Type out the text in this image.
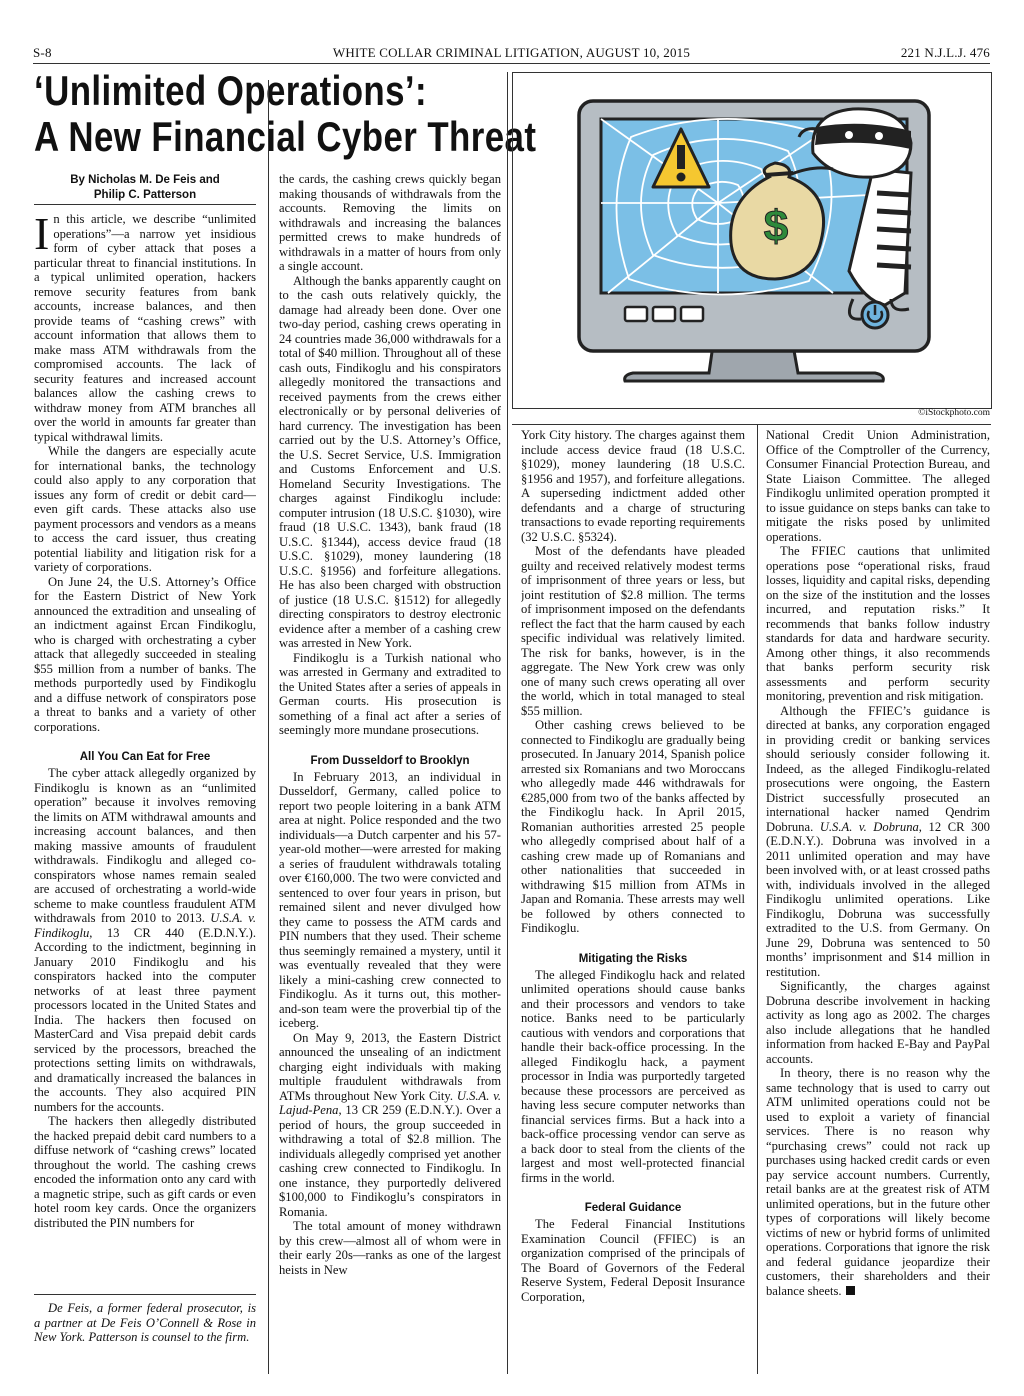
S-8	WHITE COLLAR CRIMINAL LITIGATION, AUGUST 10, 2015	221 N.J.L.J. 476
‘Unlimited Operations’:
A New Financial Cyber Threat
By Nicholas M. De Feis and
Philip C. Patterson

In this article, we describe “unlimited operations”—a narrow yet insidious form of cyber attack that poses a particular threat to financial institutions. In a typical unlimited operation, hackers remove security features from bank accounts, increase balances, and then provide teams of “cashing crews” with account information that allows them to make mass ATM withdrawals from the compromised accounts. The lack of security features and increased account balances allow the cashing crews to withdraw money from ATM branches all over the world in amounts far greater than typical withdrawal limits.

While the dangers are especially acute for international banks, the technology could also apply to any corporation that issues any form of credit or debit card—even gift cards. These attacks also use payment processors and vendors as a means to access the card issuer, thus creating potential liability and litigation risk for a variety of corporations.

On June 24, the U.S. Attorney’s Office for the Eastern District of New York announced the extradition and unsealing of an indictment against Ercan Findikoglu, who is charged with orchestrating a cyber attack that allegedly succeeded in stealing $55 million from a number of banks. The methods purportedly used by Findikoglu and a diffuse network of conspirators pose a threat to banks and a variety of other corporations.

All You Can Eat for Free

The cyber attack allegedly organized by Findikoglu is known as an “unlimited operation” because it involves removing the limits on ATM withdrawal amounts and increasing account balances, and then making massive amounts of fraudulent withdrawals. Findikoglu and alleged co-conspirators whose names remain sealed are accused of orchestrating a world-wide scheme to make countless fraudulent ATM withdrawals from 2010 to 2013. U.S.A. v. Findikoglu, 13 CR 440 (E.D.N.Y.). According to the indictment, beginning in January 2010 Findikoglu and his conspirators hacked into the computer networks of at least three payment processors located in the United States and India. The hackers then focused on MasterCard and Visa prepaid debit cards serviced by the processors, breached the protections setting limits on withdrawals, and dramatically increased the balances in the accounts. They also acquired PIN numbers for the accounts.

The hackers then allegedly distributed the hacked prepaid debit card numbers to a diffuse network of “cashing crews” located throughout the world. The cashing crews encoded the information onto any card with a magnetic stripe, such as gift cards or even hotel room key cards. Once the organizers distributed the PIN numbers for

De Feis, a former federal prosecutor, is a partner at De Feis O’Connell & Rose in New York. Patterson is counsel to the firm.

the cards, the cashing crews quickly began making thousands of withdrawals from the accounts. Removing the limits on withdrawals and increasing the balances permitted crews to make hundreds of withdrawals in a matter of hours from only a single account.

Although the banks apparently caught on to the cash outs relatively quickly, the damage had already been done. Over one two-day period, cashing crews operating in 24 countries made 36,000 withdrawals for a total of $40 million. Throughout all of these cash outs, Findikoglu and his conspirators allegedly monitored the transactions and received payments from the crews either electronically or by personal deliveries of hard currency. The investigation has been carried out by the U.S. Attorney’s Office, the U.S. Secret Service, U.S. Immigration and Customs Enforcement and U.S. Homeland Security Investigations. The charges against Findikoglu include: computer intrusion (18 U.S.C. §1030), wire fraud (18 U.S.C. 1343), bank fraud (18 U.S.C. §1344), access device fraud (18 U.S.C. §1029), money laundering (18 U.S.C. §1956) and forfeiture allegations. He has also been charged with obstruction of justice (18 U.S.C. §1512) for allegedly directing conspirators to destroy electronic evidence after a member of a cashing crew was arrested in New York.

Findikoglu is a Turkish national who was arrested in Germany and extradited to the United States after a series of appeals in German courts. His prosecution is something of a final act after a series of seemingly more mundane prosecutions.

From Dusseldorf to Brooklyn

In February 2013, an individual in Dusseldorf, Germany, called police to report two people loitering in a bank ATM area at night. Police responded and the two individuals—a Dutch carpenter and his 57-year-old mother—were arrested for making a series of fraudulent withdrawals totaling over €160,000. The two were convicted and sentenced to over four years in prison, but remained silent and never divulged how they came to possess the ATM cards and PIN numbers that they used. Their scheme thus seemingly remained a mystery, until it was eventually revealed that they were likely a mini-cashing crew connected to Findikoglu. As it turns out, this mother-and-son team were the proverbial tip of the iceberg.

On May 9, 2013, the Eastern District announced the unsealing of an indictment charging eight individuals with making multiple fraudulent withdrawals from ATMs throughout New York City. U.S.A. v. Lajud-Pena, 13 CR 259 (E.D.N.Y.). Over a period of hours, the group succeeded in withdrawing a total of $2.8 million. The individuals allegedly comprised yet another cashing crew connected to Findikoglu. In one instance, they purportedly delivered $100,000 to Findikoglu’s conspirators in Romania.

The total amount of money withdrawn by this crew—almost all of whom were in their early 20s—ranks as one of the largest heists in New

$
©iStockphoto.com

York City history. The charges against them include access device fraud (18 U.S.C. §1029), money laundering (18 U.S.C. §1956 and 1957), and forfeiture allegations. A superseding indictment added other defendants and a charge of structuring transactions to evade reporting requirements (32 U.S.C. §5324).

Most of the defendants have pleaded guilty and received relatively modest terms of imprisonment of three years or less, but joint restitution of $2.8 million. The terms of imprisonment imposed on the defendants reflect the fact that the harm caused by each specific individual was relatively limited. The risk for banks, however, is in the aggregate. The New York crew was only one of many such crews operating all over the world, which in total managed to steal $55 million.

Other cashing crews believed to be connected to Findikoglu are gradually being prosecuted. In January 2014, Spanish police arrested six Romanians and two Moroccans who allegedly made 446 withdrawals for €285,000 from two of the banks affected by the Findikoglu hack. In April 2015, Romanian authorities arrested 25 people who allegedly comprised about half of a cashing crew made up of Romanians and other nationalities that succeeded in withdrawing $15 million from ATMs in Japan and Romania. These arrests may well be followed by others connected to Findikoglu.

Mitigating the Risks

The alleged Findikoglu hack and related unlimited operations should cause banks and their processors and vendors to take notice. Banks need to be particularly cautious with vendors and corporations that handle their back-office processing. In the alleged Findikoglu hack, a payment processor in India was purportedly targeted because these processors are perceived as having less secure computer networks than financial services firms. But a hack into a back-office processing vendor can serve as a back door to steal from the clients of the largest and most well-protected financial firms in the world.

Federal Guidance

The Federal Financial Institutions Examination Council (FFIEC) is an organization comprised of the principals of The Board of Governors of the Federal Reserve System, Federal Deposit Insurance Corporation,

National Credit Union Administration, Office of the Comptroller of the Currency, Consumer Financial Protection Bureau, and State Liaison Committee. The alleged Findikoglu unlimited operation prompted it to issue guidance on steps banks can take to mitigate the risks posed by unlimited operations.

The FFIEC cautions that unlimited operations pose “operational risks, fraud losses, liquidity and capital risks, depending on the size of the institution and the losses incurred, and reputation risks.” It recommends that banks follow industry standards for data and hardware security. Among other things, it also recommends that banks perform security risk assessments and perform security monitoring, prevention and risk mitigation.

Although the FFIEC’s guidance is directed at banks, any corporation engaged in providing credit or banking services should seriously consider following it. Indeed, as the alleged Findikoglu-related prosecutions were ongoing, the Eastern District successfully prosecuted an international hacker named Qendrim Dobruna. U.S.A. v. Dobruna, 12 CR 300 (E.D.N.Y.). Dobruna was involved in a 2011 unlimited operation and may have been involved with, or at least crossed paths with, individuals involved in the alleged Findikoglu unlimited operations. Like Findikoglu, Dobruna was successfully extradited to the U.S. from Germany. On June 29, Dobruna was sentenced to 50 months’ imprisonment and $14 million in restitution.

Significantly, the charges against Dobruna describe involvement in hacking activity as long ago as 2002. The charges also include allegations that he handled information from hacked E-Bay and PayPal accounts.

In theory, there is no reason why the same technology that is used to carry out ATM unlimited operations could not be used to exploit a variety of financial services. There is no reason why “purchasing crews” could not rack up purchases using hacked credit cards or even pay service account numbers. Currently, retail banks are at the greatest risk of ATM unlimited operations, but in the future other types of corporations will likely become victims of new or hybrid forms of unlimited operations. Corporations that ignore the risk and federal guidance jeopardize their customers, their shareholders and their balance sheets.
